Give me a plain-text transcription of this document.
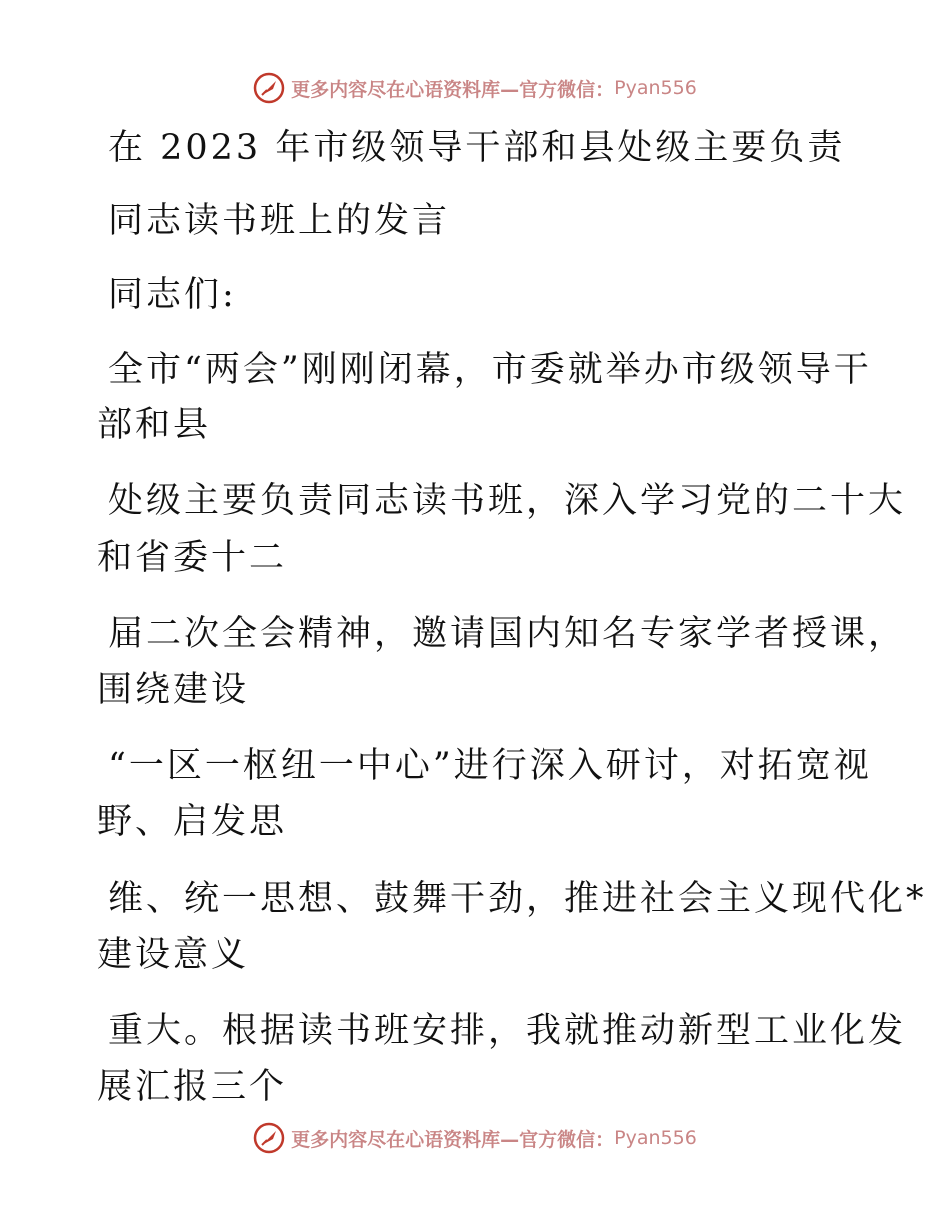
更多内容尽在心语资料库—官方微信： Pyan556
在 2023 年市级领导干部和县处级主要负责
同志读书班上的发言
同志们:
全市“两会”刚刚闭幕，市委就举办市级领导干
部和县
处级主要负责同志读书班，深入学习党的二十大
和省委十二
届二次全会精神，邀请国内知名专家学者授课，
围绕建设
“一区一枢纽一中心”进行深入研讨，对拓宽视
野、启发思
维、统一思想、鼓舞干劲，推进社会主义现代化*
建设意义
重大。根据读书班安排，我就推动新型工业化发
展汇报三个
更多内容尽在心语资料库—官方微信： Pyan556
